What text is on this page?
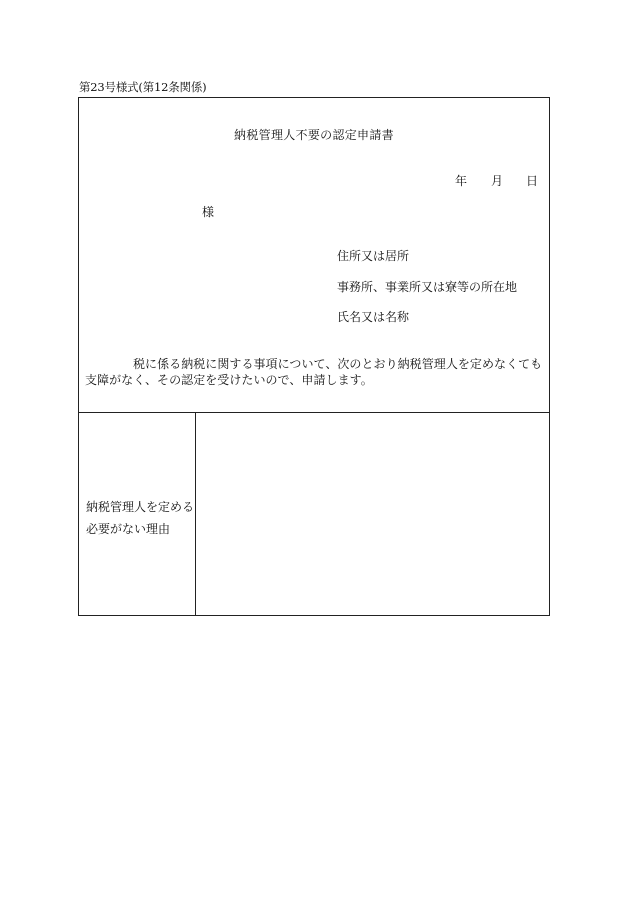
第23号様式(第12条関係)
納税管理人不要の認定申請書
年 月 日
様
住所又は居所
事務所、事業所又は寮等の所在地
氏名又は名称
税に係る納税に関する事項について、次のとおり納税管理人を定めなくても支障がなく、その認定を受けたいので、申請します。
納税管理人を定める
必要がない理由
